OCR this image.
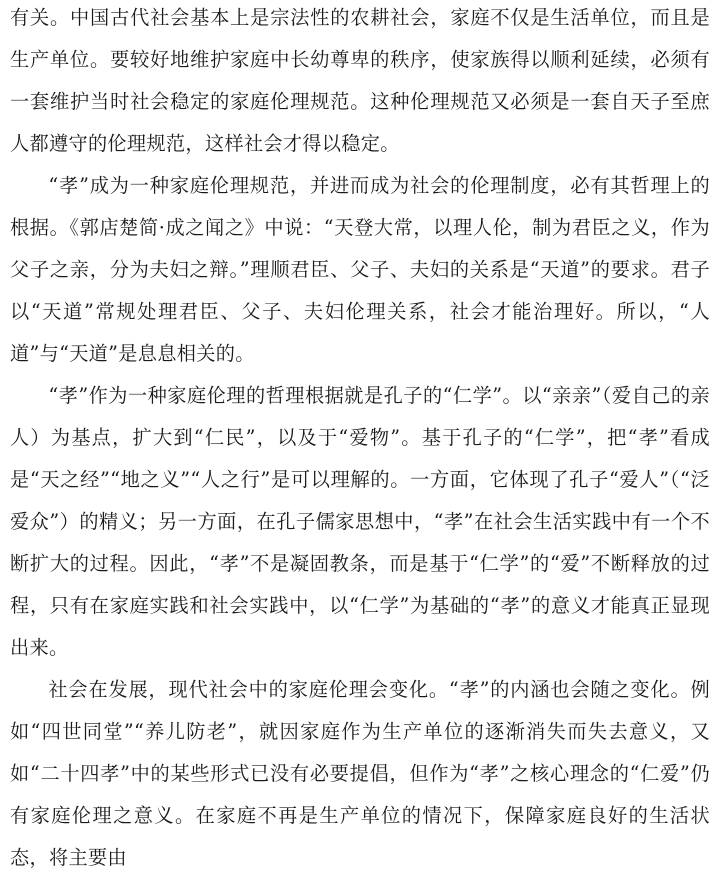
有关。中国古代社会基本上是宗法性的农耕社会，家庭不仅是生活单位，而且是生产单位。要较好地维护家庭中长幼尊卑的秩序，使家族得以顺利延续，必须有一套维护当时社会稳定的家庭伦理规范。这种伦理规范又必须是一套自天子至庶人都遵守的伦理规范，这样社会才得以稳定。

“孝”成为一种家庭伦理规范，并进而成为社会的伦理制度，必有其哲理上的根据。《郭店楚简·成之闻之》中说：“天登大常，以理人伦，制为君臣之义，作为父子之亲，分为夫妇之辩。”理顺君臣、父子、夫妇的关系是“天道”的要求。君子以“天道”常规处理君臣、父子、夫妇伦理关系，社会才能治理好。所以，“人道”与“天道”是息息相关的。

“孝”作为一种家庭伦理的哲理根据就是孔子的“仁学”。以“亲亲”（爱自己的亲人）为基点，扩大到“仁民”，以及于“爱物”。基于孔子的“仁学”，把“孝”看成是“天之经”“地之义”“人之行”是可以理解的。一方面，它体现了孔子“爱人”（“泛爱众”）的精义；另一方面，在孔子儒家思想中，“孝”在社会生活实践中有一个不断扩大的过程。因此，“孝”不是凝固教条，而是基于“仁学”的“爱”不断释放的过程，只有在家庭实践和社会实践中，以“仁学”为基础的“孝”的意义才能真正显现出来。

社会在发展，现代社会中的家庭伦理会变化。“孝”的内涵也会随之变化。例如“四世同堂”“养儿防老”，就因家庭作为生产单位的逐渐消失而失去意义，又如“二十四孝”中的某些形式已没有必要提倡，但作为“孝”之核心理念的“仁爱”仍有家庭伦理之意义。在家庭不再是生产单位的情况下，保障家庭良好的生活状态，将主要由
